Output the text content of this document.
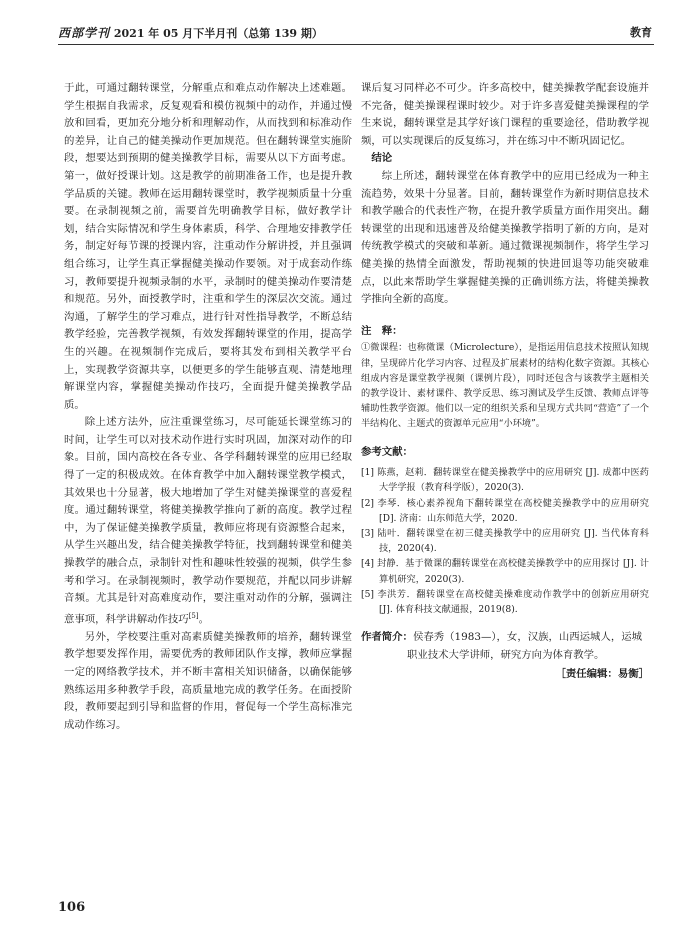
西部学刊 2021 年 05 月下半月刊（总第 139 期）	教育

于此，可通过翻转课堂，分解重点和难点动作解决上述难题。学生根据自我需求，反复观看和模仿视频中的动作，并通过慢放和回看，更加充分地分析和理解动作，从而找到和标准动作的差异，让自己的健美操动作更加规范。但在翻转课堂实施阶段，想要达到预期的健美操教学目标，需要从以下方面考虑。第一，做好授课计划。这是教学的前期准备工作，也是提升教学品质的关键。教师在运用翻转课堂时，教学视频质量十分重要。在录制视频之前，需要首先明确教学目标，做好教学计划，结合实际情况和学生身体素质，科学、合理地安排教学任务，制定好每节课的授课内容，注重动作分解讲授，并且强调组合练习，让学生真正掌握健美操动作要领。对于成套动作练习，教师要提升视频录制的水平，录制时的健美操动作要清楚和规范。另外，面授教学时，注重和学生的深层次交流。通过沟通，了解学生的学习难点，进行针对性指导教学，不断总结教学经验，完善教学视频，有效发挥翻转课堂的作用，提高学生的兴趣。在视频制作完成后，要将其发布到相关教学平台上，实现教学资源共享，以便更多的学生能够直观、清楚地理解课堂内容，掌握健美操动作技巧，全面提升健美操教学品质。

除上述方法外，应注重课堂练习，尽可能延长课堂练习的时间，让学生可以对技术动作进行实时巩固，加深对动作的印象。目前，国内高校在各专业、各学科翻转课堂的应用已经取得了一定的积极成效。在体育教学中加入翻转课堂教学模式，其效果也十分显著，极大地增加了学生对健美操课堂的喜爱程度。通过翻转课堂，将健美操教学推向了新的高度。教学过程中，为了保证健美操教学质量，教师应将现有资源整合起来，从学生兴趣出发，结合健美操教学特征，找到翻转课堂和健美操教学的融合点，录制针对性和趣味性较强的视频，供学生参考和学习。在录制视频时，教学动作要规范，并配以同步讲解音频。尤其是针对高难度动作，要注重对动作的分解，强调注意事项，科学讲解动作技巧[5]。

另外，学校要注重对高素质健美操教师的培养，翻转课堂教学想要发挥作用，需要优秀的教师团队作支撑，教师应掌握一定的网络教学技术，并不断丰富相关知识储备，以确保能够熟练运用多种教学手段，高质量地完成的教学任务。在面授阶段，教师要起到引导和监督的作用，督促每一个学生高标准完成动作练习。

课后复习同样必不可少。许多高校中，健美操教学配套设施并不完备，健美操课程课时较少。对于许多喜爱健美操课程的学生来说，翻转课堂是其学好该门课程的重要途径，借助教学视频，可以实现课后的反复练习，并在练习中不断巩固记忆。

结论

综上所述，翻转课堂在体育教学中的应用已经成为一种主流趋势，效果十分显著。目前，翻转课堂作为新时期信息技术和教学融合的代表性产物，在提升教学质量方面作用突出。翻转课堂的出现和迅速普及给健美操教学指明了新的方向，是对传统教学模式的突破和革新。通过微课视频制作，将学生学习健美操的热情全面激发，帮助视频的快进回退等功能突破难点，以此来帮助学生掌握健美操的正确训练方法，将健美操教学推向全新的高度。

注　释：

①微课程：也称微课（Microlecture），是指运用信息技术按照认知规律，呈现碎片化学习内容、过程及扩展素材的结构化数字资源。其核心组成内容是课堂教学视频（课例片段），同时还包含与该教学主题相关的教学设计、素材课件、教学反思、练习测试及学生反馈、教师点评等辅助性教学资源。他们以一定的组织关系和呈现方式共同“营造”了一个半结构化、主题式的资源单元应用“小环境”。

参考文献：

[1] 陈燕，赵莉．翻转课堂在健美操教学中的应用研究 [J]. 成都中医药大学学报（教育科学版），2020(3).

[2] 李琴．核心素养视角下翻转课堂在高校健美操教学中的应用研究 [D]. 济南：山东师范大学，2020.

[3] 陆叶．翻转课堂在初三健美操教学中的应用研究 [J]. 当代体育科技，2020(4).

[4] 封静．基于微课的翻转课堂在高校健美操教学中的应用探讨 [J]. 计算机研究，2020(3).

[5] 李洪芳．翻转课堂在高校健美操难度动作教学中的创新应用研究 [J]. 体育科技文献通报，2019(8).

作者简介：侯春秀（1983—），女，汉族，山西运城人，运城
职业技术大学讲师，研究方向为体育教学。
［责任编辑：易衡］
106
